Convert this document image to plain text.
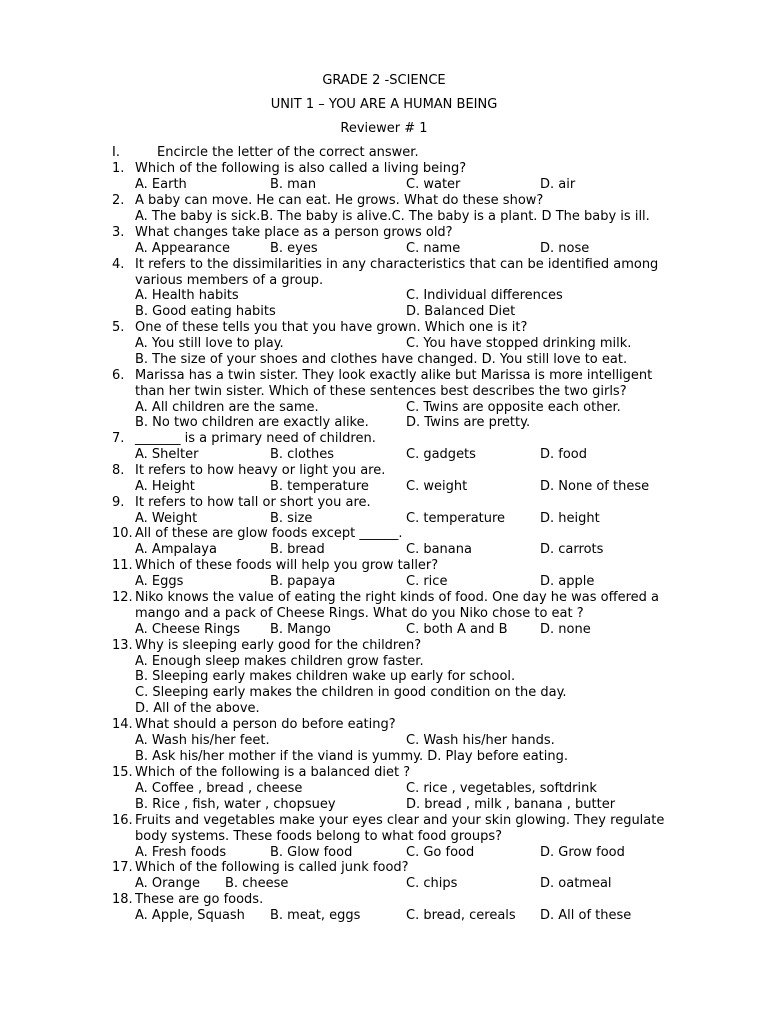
GRADE 2 -SCIENCE
UNIT 1 – YOU ARE A HUMAN BEING
Reviewer # 1
I.	Encircle the letter of the correct answer.
1. Which of the following is also called a living being?
A. Earth	B. man	C. water	D. air
2. A baby can move. He can eat. He grows. What do these show?
A. The baby is sick.B. The baby is alive.C. The baby is a plant. D The baby is ill.
3. What changes take place as a person grows old?
A. Appearance	B. eyes	C. name	D. nose
4. It refers to the dissimilarities in any characteristics that can be identified among
various members of a group.
A. Health habits	C. Individual differences
B. Good eating habits	D. Balanced Diet
5. One of these tells you that you have grown. Which one is it?
A. You still love to play.	C. You have stopped drinking milk.
B. The size of your shoes and clothes have changed. D. You still love to eat.
6. Marissa has a twin sister. They look exactly alike but Marissa is more intelligent
than her twin sister. Which of these sentences best describes the two girls?
A. All children are the same.	C. Twins are opposite each other.
B. No two children are exactly alike.	D. Twins are pretty.
7. _______ is a primary need of children.
A. Shelter	B. clothes	C. gadgets	D. food
8. It refers to how heavy or light you are.
A. Height	B. temperature	C. weight	D. None of these
9. It refers to how tall or short you are.
A. Weight	B. size	C. temperature	D. height
10. All of these are glow foods except ______.
A. Ampalaya	B. bread	C. banana	D. carrots
11. Which of these foods will help you grow taller?
A. Eggs	B. papaya	C. rice	D. apple
12. Niko knows the value of eating the right kinds of food. One day he was offered a
mango and a pack of Cheese Rings. What do you Niko chose to eat ?
A. Cheese Rings B. Mango	C. both A and B D. none
13. Why is sleeping early good for the children?
A. Enough sleep makes children grow faster.
B. Sleeping early makes children wake up early for school.
C. Sleeping early makes the children in good condition on the day.
D. All of the above.
14. What should a person do before eating?
A. Wash his/her feet.	C. Wash his/her hands.
B. Ask his/her mother if the viand is yummy. D. Play before eating.
15. Which of the following is a balanced diet ?
A. Coffee , bread , cheese	C. rice , vegetables, softdrink
B. Rice , fish, water , chopsuey	D. bread , milk , banana , butter
16. Fruits and vegetables make your eyes clear and your skin glowing. They regulate
body systems. These foods belong to what food groups?
A. Fresh foods	B. Glow food	C. Go food	D. Grow food
17. Which of the following is called junk food?
A. Orange B. cheese	C. chips	D. oatmeal
18. These are go foods.
A. Apple, Squash B. meat, eggs	C. bread, cereals D. All of these
